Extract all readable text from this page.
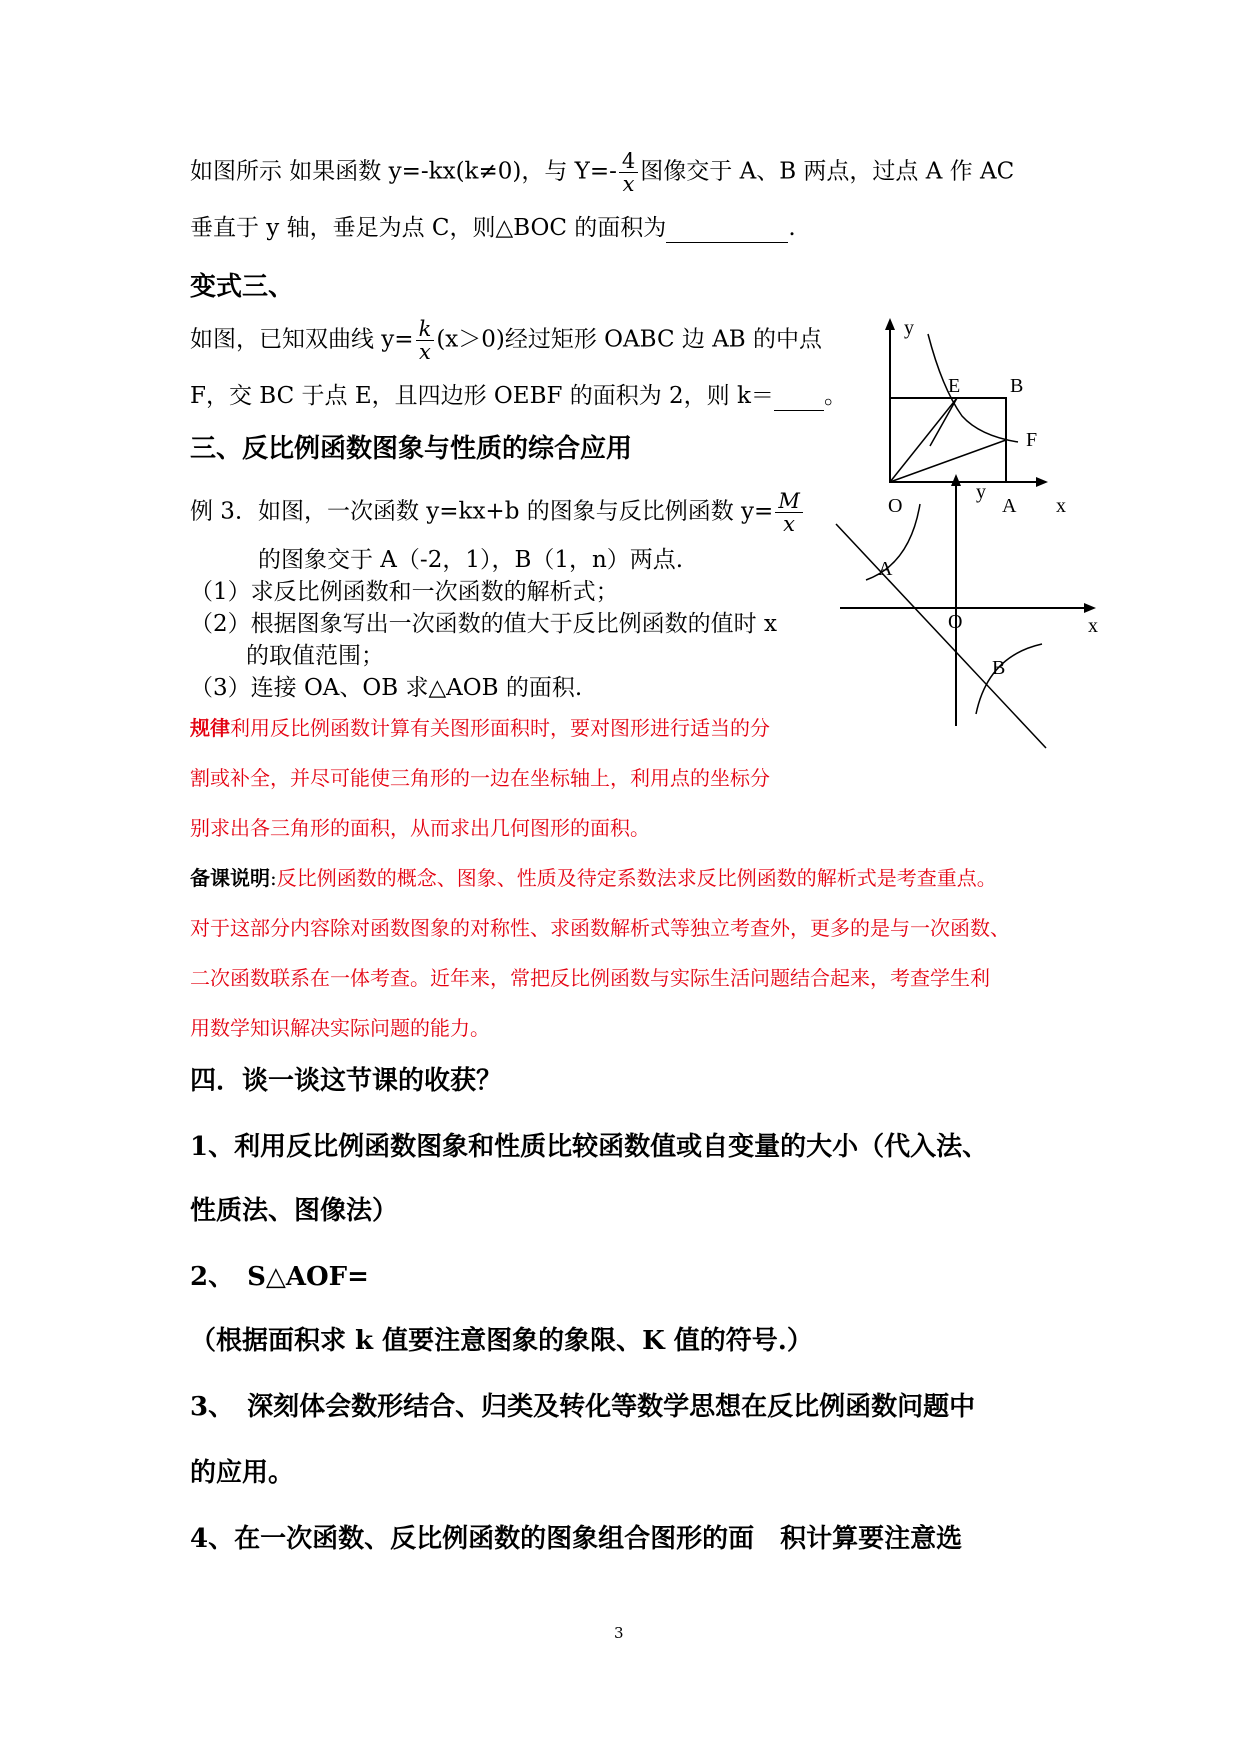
如图所示 如果函数 y=-kx(k≠0)，与 $Y=- \frac{4}{x}$ 图像交于 A、B 两点，过点 A 作 AC
垂直于 y 轴，垂足为点 C，则△BOC 的面积为	.
变式三、
如图，已知双曲线 $y= \frac{k}{x} (x>0)$经过矩形 OABC 边 AB 的中点
F，交 BC 于点 E，且四边形 OEBF 的面积为 2，则 k＝ 。
三、反比例函数图象与性质的综合应用
例 3．如图，一次函数 y=kx+b 的图象与反比例函数 $y= \frac{M}{x}$
的图象交于 A（-2，1），B（1，n）两点.
（1）求反比例函数和一次函数的解析式；
（2）根据图象写出一次函数的值大于反比例函数的值时 x
的取值范围；
（3）连接 OA、OB 求△AOB 的面积.
规律利用反比例函数计算有关图形面积时，要对图形进行适当的分
割或补全，并尽可能使三角形的一边在坐标轴上，利用点的坐标分
别求出各三角形的面积，从而求出几何图形的面积。
备课说明:反比例函数的概念、图象、性质及待定系数法求反比例函数的解析式是考查重点。
对于这部分内容除对函数图象的对称性、求函数解析式等独立考查外，更多的是与一次函数、
二次函数联系在一体考查。近年来，常把反比例函数与实际生活问题结合起来，考查学生利
用数学知识解决实际问题的能力。
四．谈一谈这节课的收获？
1、利用反比例函数图象和性质比较函数值或自变量的大小（代入法、
性质法、图像法）
2、　S△AOF=
（根据面积求 k 值要注意图象的象限、K 值的符号.）
3、　深刻体会数形结合、归类及转化等数学思想在反比例函数问题中
的应用。
4、在一次函数、反比例函数的图象组合图形的面　积计算要注意选
y
O	A x
E B
F
y
A
O	x
B
3
